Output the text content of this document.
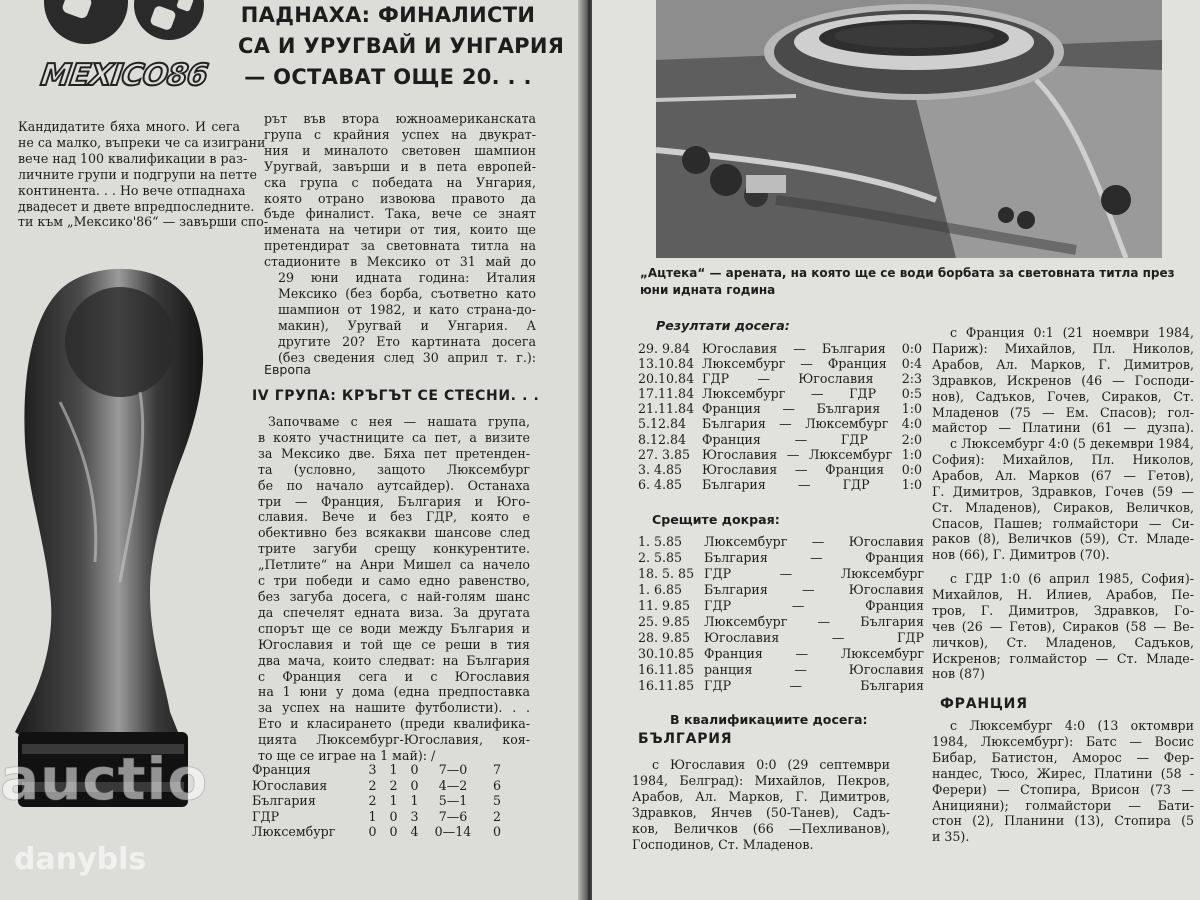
MEXICO86
ПАДНАХА: ФИНАЛИСТИ
СА И УРУГВАЙ И УНГАРИЯ
— ОСТАВАТ ОЩЕ 20. . .
Кандидатите бяха много. И сега
не са малко, въпреки че са изиграни
вече над 100 квалификации в раз-
личните групи и подгрупи на петте
континента. . . Но вече отпаднаха
двадесет и двете впредпоследните.
ти към „Мексико'86“ — завърши спо-
рът във втора южноамериканската
група с крайния успех на двукрат-
ния и миналото световен шампион
Уругвай, завърши и в пета европей-
ска група с победата на Унгария,
която отрано извоюва правото да
бъде финалист. Така, вече се знаят
имената на четири от тия, които ще
претендират за световната титла на
стадионите в Мексико от 31 май до
29 юни идната година: Италия
Мексико (без борба, съответно като
шампион от 1982, и като страна-до-
макин), Уругвай и Унгария. А
другите 20? Ето картината досега
(без сведения след 30 април т. г.):
Европа
IV ГРУПА: КРЪГЪТ СЕ СТЕСНИ. . .
Започваме с нея — нашата група,
в която участниците са пет, а визите
за Мексико две. Бяха пет претенден-
та (условно, защото Люксембург
бе по начало аутсайдер). Останаха
три — Франция, България и Юго-
славия. Вече и без ГДР, която е
обективно без всякакви шансове след
трите загуби срещу конкурентите.
„Петлите“ на Анри Мишел са начело
с три победи и само едно равенство,
без загуба досега, с най-голям шанс
да спечелят едната виза. За другата
спорът ще се води между България и
Югославия и той ще се реши в тия
два мача, които следват: на България
с Франция сега и с Югославия
на 1 юни у дома (една предпоставка
за успех на нашите футболисти). . .
Ето и класирането (преди квалифика-
цията Люксембург-Югославия, коя-
то ще се играе на 1 май): /
Франция	3	1	0	7—0	7
Югославия	2	2	0	4—2	6
България	2	1	1	5—1	5
ГДР	1	0	3	7—6	2
Люксембург	0	0	4	0—14	0
auctio
danybls
„Ацтека“ — арената, на която ще се води борбата за световната титла през
юни идната година
Резултати досега:
29. 9.84 Югославия — България 0:0
13.10.84 Люксембург — Франция 0:4
20.10.84 ГДР — Югославия 2:3
17.11.84 Люксембург — ГДР 0:5
21.11.84 Франция — България 1:0
5.12.84	България — Люксембург 4:0
8.12.84	Франция — ГДР 2:0
27. 3.85 Югославия — Люксембург 1:0
3. 4.85	Югославия — Франция 0:0
6. 4.85	България — ГДР 1:0
Срещите докрая:
1. 5.85	Люксембург — Югославия
2. 5.85	България — Франция
18. 5. 85 ГДР — Люксембург
1. 6.85	България — Югославия
11. 9.85	ГДР — Франция
25. 9.85	Люксембург — България
28. 9.85	Югославия — ГДР
30.10.85 Франция — Люксембург
16.11.85 ранция — Югославия
16.11.85 ГДР — България
В квалификациите досега:
БЪЛГАРИЯ
с Югославия 0:0 (29 септември
1984, Белград): Михайлов, Пекров,
Арабов, Ал. Марков, Г. Димитров,
Здравков, Янчев (50-Танев), Садъ-
ков, Величков (66 —Пехливанов),
Господинов, Ст. Младенов.
с Франция 0:1 (21 ноември 1984,
Париж): Михайлов, Пл. Николов,
Арабов, Ал. Марков, Г. Димитров,
Здравков, Искренов (46 — Господи-
нов), Садъков, Гочев, Сираков, Ст.
Младенов (75 — Ем. Спасов); гол-
майстор — Платини (61 — дузпа).
с Люксембург 4:0 (5 декември 1984,
София): Михайлов, Пл. Николов,
Арабов, Ал. Марков (67 — Гетов),
Г. Димитров, Здравков, Гочев (59 —
Ст. Младенов), Сираков, Величков,
Спасов, Пашев; голмайстори — Си-
раков (8), Величков (59), Ст. Младе-
нов (66), Г. Димитров (70).
с ГДР 1:0 (6 април 1985, София)-
Михайлов, Н. Илиев, Арабов, Пе-
тров, Г. Димитров, Здравков, Го-
чев (26 — Гетов), Сираков (58 — Ве-
личков), Ст. Младенов, Садъков,
Искренов; голмайстор — Ст. Младе-
нов (87)
ФРАНЦИЯ
с Люксембург 4:0 (13 октомври
1984, Люксембург): Батс — Восис
Бибар, Батистон, Аморос — Фер-
нандес, Тюсо, Жирес, Платини (58 -
Ферери) — Стопира, Врисон (73 —
Аницияни); голмайстори — Бати-
стон (2), Планини (13), Стопира (5
и 35).
